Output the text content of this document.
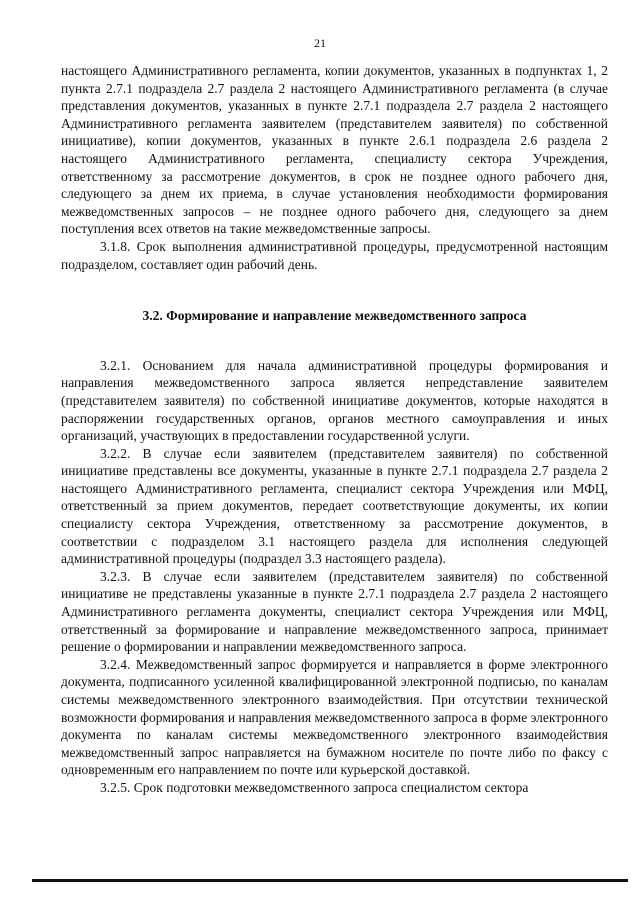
21

настоящего Административного регламента, копии документов, указанных в подпунктах 1, 2 пункта 2.7.1 подраздела 2.7 раздела 2 настоящего Административного регламента (в случае представления документов, указанных в пункте 2.7.1 подраздела 2.7 раздела 2 настоящего Административного регламента заявителем (представителем заявителя) по собственной инициативе), копии документов, указанных в пункте 2.6.1 подраздела 2.6 раздела 2 настоящего Административного регламента, специалисту сектора Учреждения, ответственному за рассмотрение документов, в срок не позднее одного рабочего дня, следующего за днем их приема, в случае установления необходимости формирования межведомственных запросов – не позднее одного рабочего дня, следующего за днем поступления всех ответов на такие межведомственные запросы.

3.1.8. Срок выполнения административной процедуры, предусмотренной настоящим подразделом, составляет один рабочий день.

3.2. Формирование и направление межведомственного запроса

3.2.1. Основанием для начала административной процедуры формирования и направления межведомственного запроса является непредставление заявителем (представителем заявителя) по собственной инициативе документов, которые находятся в распоряжении государственных органов, органов местного самоуправления и иных организаций, участвующих в предоставлении государственной услуги.

3.2.2. В случае если заявителем (представителем заявителя) по собственной инициативе представлены все документы, указанные в пункте 2.7.1 подраздела 2.7 раздела 2 настоящего Административного регламента, специалист сектора Учреждения или МФЦ, ответственный за прием документов, передает соответствующие документы, их копии специалисту сектора Учреждения, ответственному за рассмотрение документов, в соответствии с подразделом 3.1 настоящего раздела для исполнения следующей административной процедуры (подраздел 3.3 настоящего раздела).

3.2.3. В случае если заявителем (представителем заявителя) по собственной инициативе не представлены указанные в пункте 2.7.1 подраздела 2.7 раздела 2 настоящего Административного регламента документы, специалист сектора Учреждения или МФЦ, ответственный за формирование и направление межведомственного запроса, принимает решение о формировании и направлении межведомственного запроса.

3.2.4. Межведомственный запрос формируется и направляется в форме электронного документа, подписанного усиленной квалифицированной электронной подписью, по каналам системы межведомственного электронного взаимодействия. При отсутствии технической возможности формирования и направления межведомственного запроса в форме электронного документа по каналам системы межведомственного электронного взаимодействия межведомственный запрос направляется на бумажном носителе по почте либо по факсу с одновременным его направлением по почте или курьерской доставкой.

3.2.5. Срок подготовки межведомственного запроса специалистом сектора
